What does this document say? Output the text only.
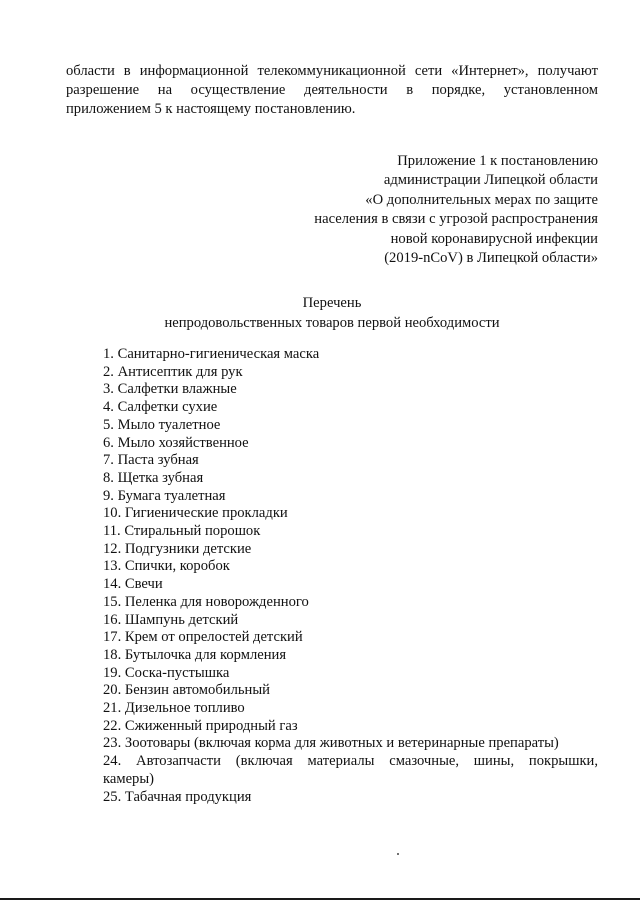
области в информационной телекоммуникационной сети «Интернет», получают
разрешение на осуществление деятельности в порядке, установленном
приложением 5 к настоящему постановлению.

Приложение 1 к постановлению
администрации Липецкой области
«О дополнительных мерах по защите
населения в связи с угрозой распространения
новой коронавирусной инфекции
(2019-nCoV) в Липецкой области»
Перечень
непродовольственных товаров первой необходимости
1. Санитарно-гигиеническая маска
2. Антисептик для рук
3. Салфетки влажные
4. Салфетки сухие
5. Мыло туалетное
6. Мыло хозяйственное
7. Паста зубная
8. Щетка зубная
9. Бумага туалетная
10. Гигиенические прокладки
11. Стиральный порошок
12. Подгузники детские
13. Спички, коробок
14. Свечи
15. Пеленка для новорожденного
16. Шампунь детский
17. Крем от опрелостей детский
18. Бутылочка для кормления
19. Соска-пустышка
20. Бензин автомобильный
21. Дизельное топливо
22. Сжиженный природный газ
23. Зоотовары (включая корма для животных и ветеринарные препараты)
24. Автозапчасти (включая материалы смазочные, шины, покрышки,
камеры)
25. Табачная продукция
